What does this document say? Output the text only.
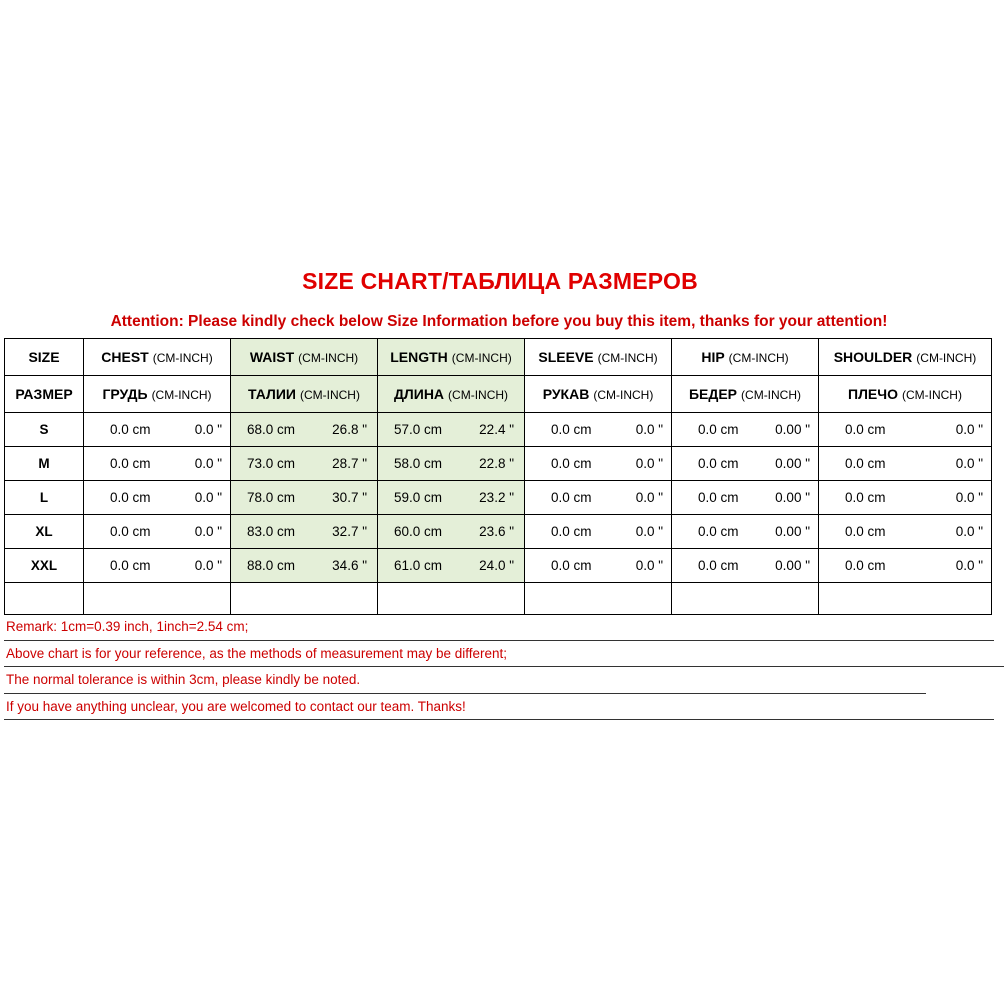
SIZE CHART/ТАБЛИЦА РАЗМЕРОВ
Attention: Please kindly check below Size Information before you buy this item, thanks for your attention!
SIZE	CHEST (CM-INCH)	WAIST (CM-INCH)	LENGTH (CM-INCH)	SLEEVE (CM-INCH)	HIP (CM-INCH)	SHOULDER (CM-INCH)
РАЗМЕР	ГРУДЬ (CM-INCH)	ТАЛИИ (CM-INCH)	ДЛИНА (CM-INCH)	РУКАВ (CM-INCH)	БЕДЕР (CM-INCH)	ПЛЕЧО (CM-INCH)
S	0.0 cm 0.0 "	68.0 cm 26.8 "	57.0 cm 22.4 "	0.0 cm 0.0 "	0.0 cm 0.00 "	0.0 cm 0.0 "

M	0.0 cm 0.0 "	73.0 cm 28.7 "	58.0 cm 22.8 "	0.0 cm 0.0 "	0.0 cm 0.00 "	0.0 cm 0.0 "

L	0.0 cm 0.0 "	78.0 cm 30.7 "	59.0 cm 23.2 "	0.0 cm 0.0 "	0.0 cm 0.00 "	0.0 cm 0.0 "

XL	0.0 cm 0.0 "	83.0 cm 32.7 "	60.0 cm 23.6 "	0.0 cm 0.0 "	0.0 cm 0.00 "	0.0 cm 0.0 "

XXL	0.0 cm 0.0 "	88.0 cm 34.6 "	61.0 cm 24.0 "	0.0 cm 0.0 "	0.0 cm 0.00 "	0.0 cm 0.0 "

Remark: 1cm=0.39 inch, 1inch=2.54 cm;
Above chart is for your reference, as the methods of measurement may be different;
The normal tolerance is within 3cm, please kindly be noted.
If you have anything unclear, you are welcomed to contact our team. Thanks!
